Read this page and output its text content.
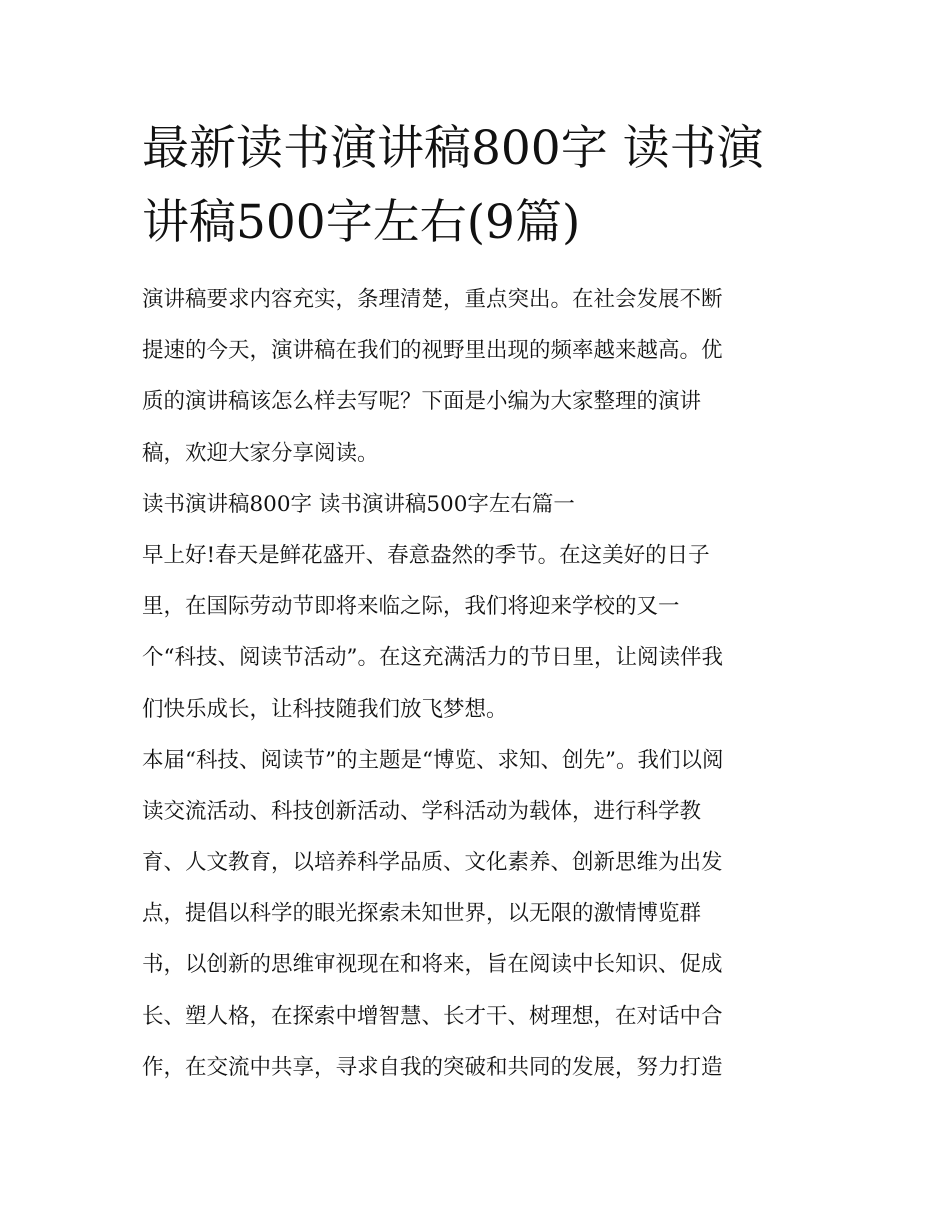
最新读书演讲稿800字 读书演
讲稿500字左右(9篇)
演讲稿要求内容充实，条理清楚，重点突出。在社会发展不断
提速的今天，演讲稿在我们的视野里出现的频率越来越高。优
质的演讲稿该怎么样去写呢？下面是小编为大家整理的演讲
稿，欢迎大家分享阅读。
读书演讲稿800字 读书演讲稿500字左右篇一
早上好!春天是鲜花盛开、春意盎然的季节。在这美好的日子
里，在国际劳动节即将来临之际，我们将迎来学校的又一
个“科技、阅读节活动”。在这充满活力的节日里，让阅读伴我
们快乐成长，让科技随我们放飞梦想。
本届“科技、阅读节”的主题是“博览、求知、创先”。我们以阅
读交流活动、科技创新活动、学科活动为载体，进行科学教
育、人文教育，以培养科学品质、文化素养、创新思维为出发
点，提倡以科学的眼光探索未知世界，以无限的激情博览群
书，以创新的思维审视现在和将来，旨在阅读中长知识、促成
长、塑人格，在探索中增智慧、长才干、树理想，在对话中合
作，在交流中共享，寻求自我的突破和共同的发展，努力打造
